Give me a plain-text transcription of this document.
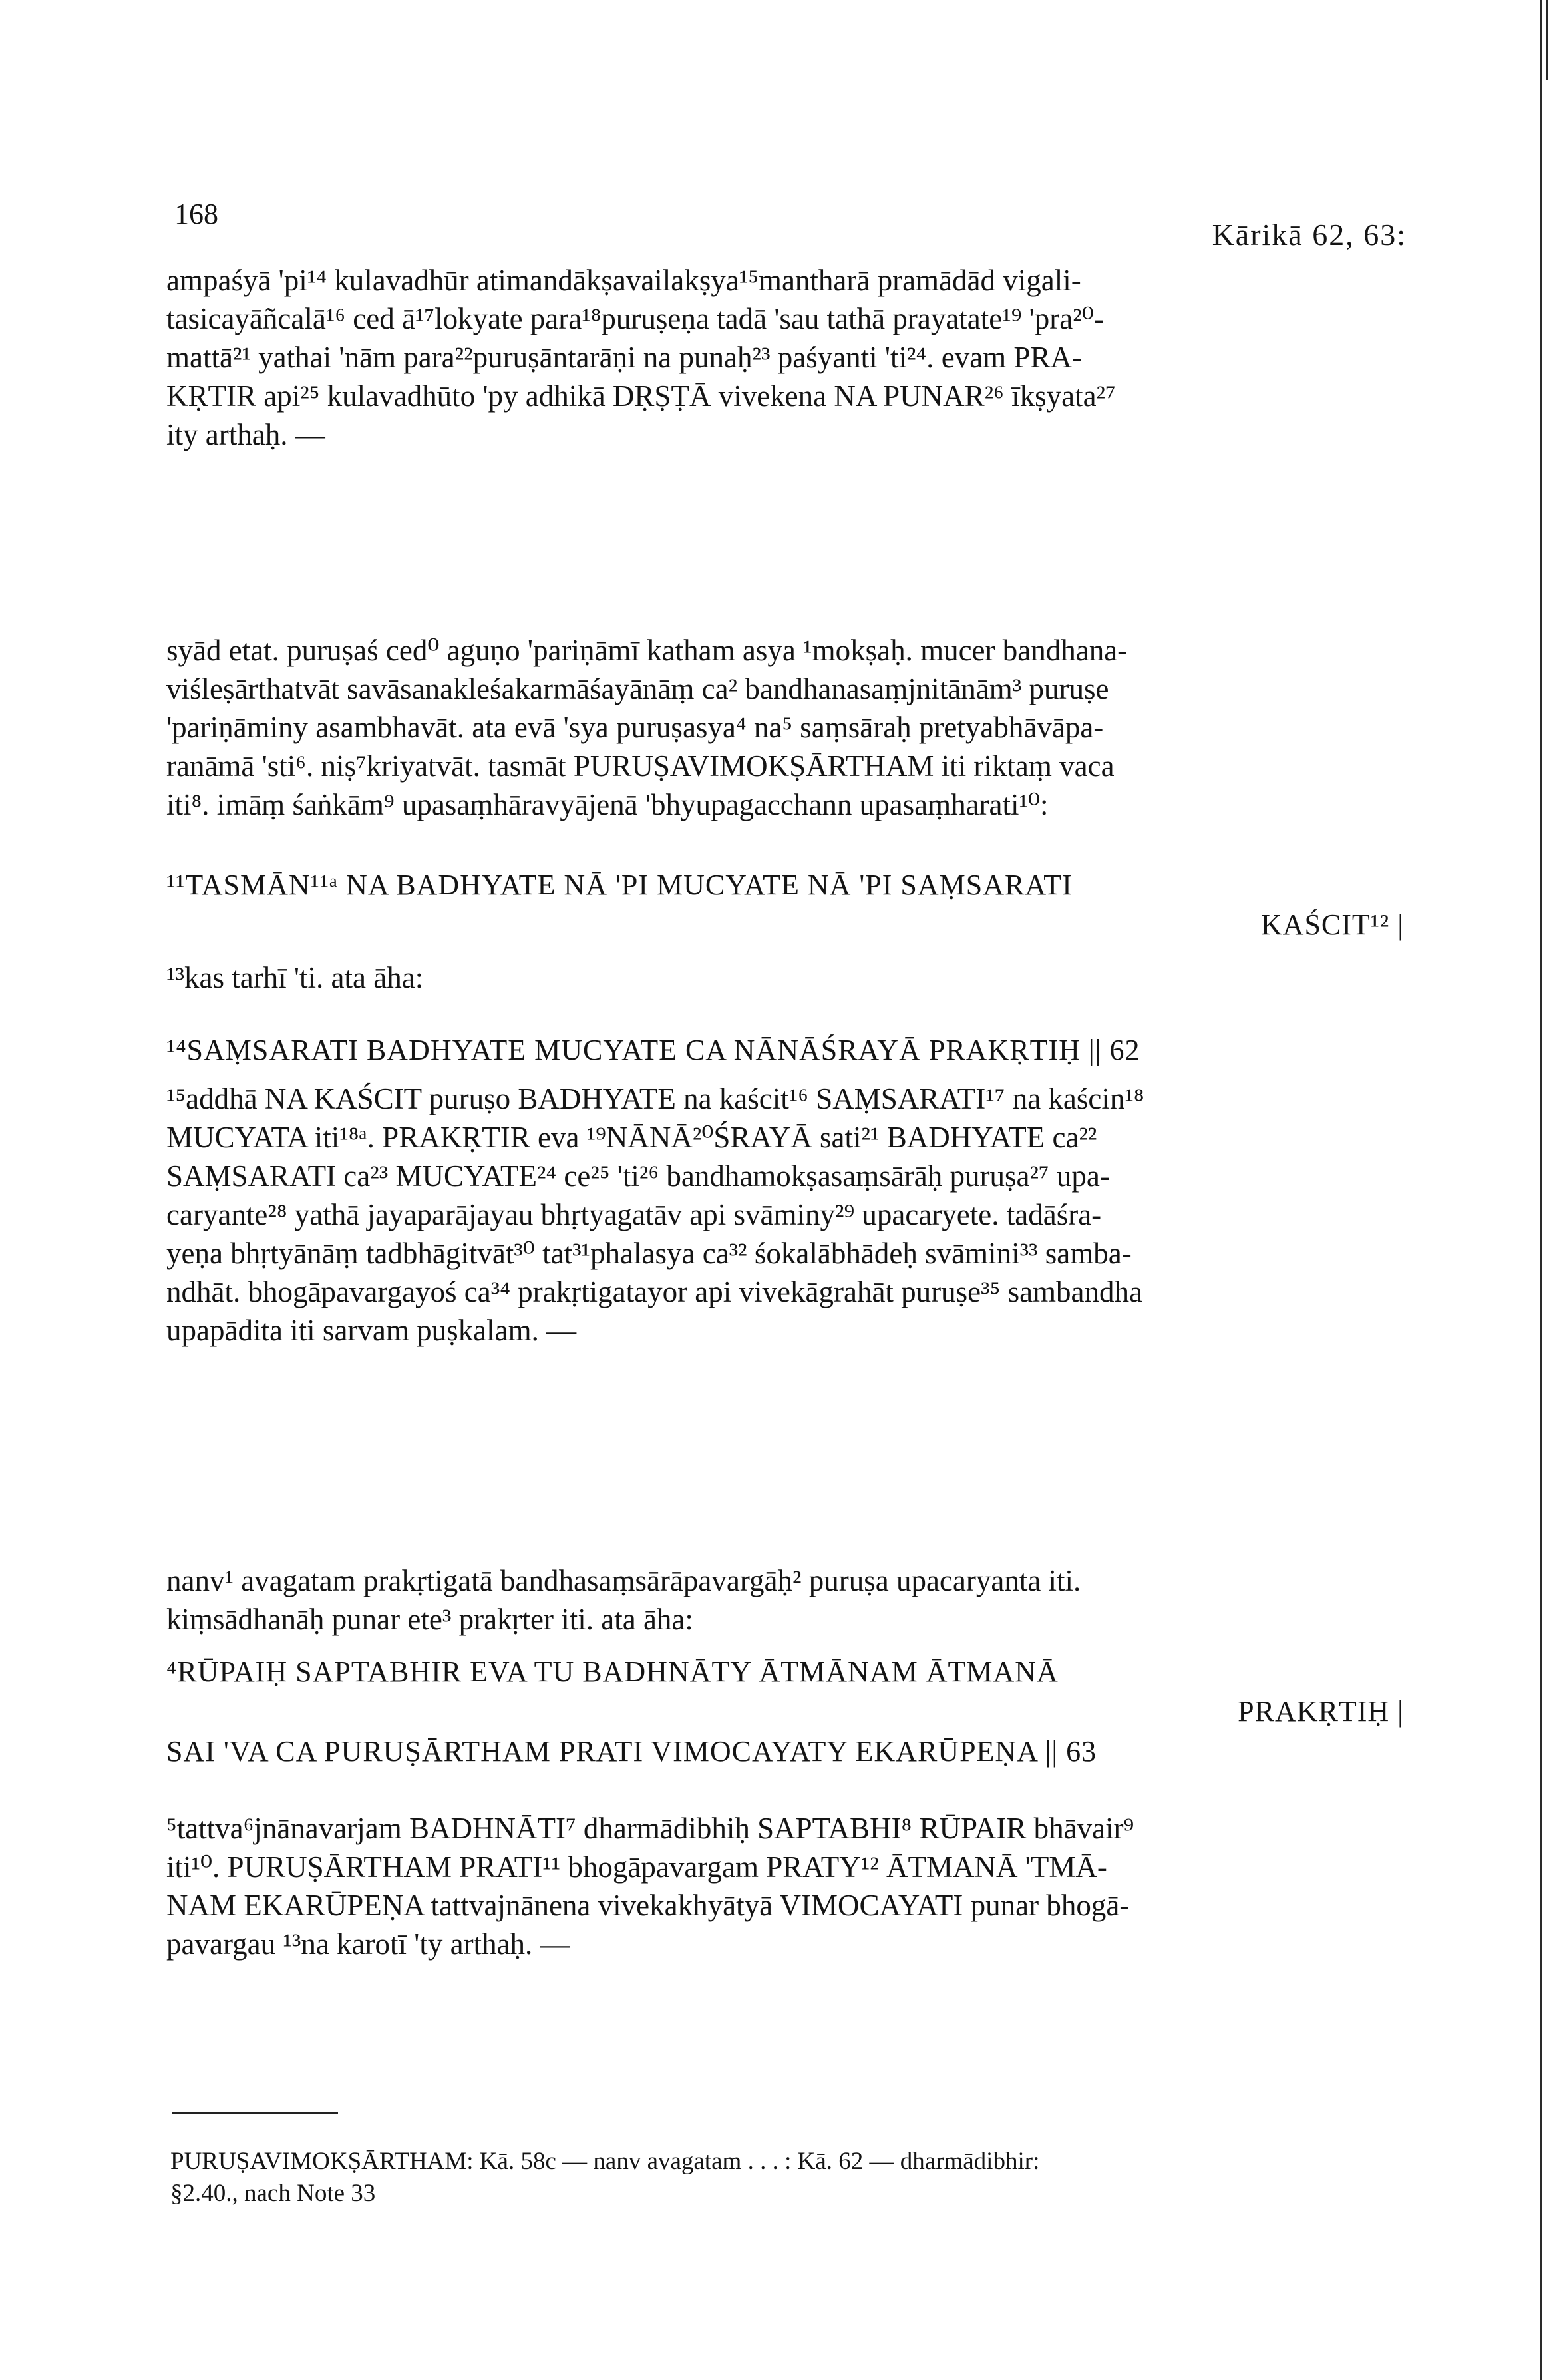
168
Kārikā 62, 63:

ampaśyā 'pi¹⁴ kulavadhūr atimandākṣavailakṣya¹⁵mantharā pramādād vigali-

tasicayāñcalā¹⁶ ced ā¹⁷lokyate para¹⁸puruṣeṇa tadā 'sau tathā prayatate¹⁹ 'pra²⁰-

mattā²¹ yathai 'nām para²²puruṣāntarāṇi na punaḥ²³ paśyanti 'ti²⁴. evam PRA-

KṚTIR api²⁵ kulavadhūto 'py adhikā DṚṢṬĀ vivekena NA PUNAR²⁶ īkṣyata²⁷

ity arthaḥ. —

syād etat. puruṣaś ced⁰ aguṇo 'pariṇāmī katham asya ¹mokṣaḥ. mucer bandhana-

viśleṣārthatvāt savāsanakleśakarmāśayānāṃ ca² bandhanasaṃjnitānām³ puruṣe

'pariṇāminy asambhavāt. ata evā 'sya puruṣasya⁴ na⁵ saṃsāraḥ pretyabhāvāpa-

ranāmā 'sti⁶. niṣ⁷kriyatvāt. tasmāt PURUṢAVIMOKṢĀRTHAM iti riktaṃ vaca

iti⁸. imāṃ śaṅkām⁹ upasaṃhāravyājenā 'bhyupagacchann upasaṃharati¹⁰:

¹¹TASMĀN¹¹ᵃ NA BADHYATE NĀ 'PI MUCYATE NĀ 'PI SAṂSARATI

KAŚCIT¹² |

¹³kas tarhī 'ti. ata āha:

¹⁴SAṂSARATI BADHYATE MUCYATE CA NĀNĀŚRAYĀ PRAKṚTIḤ || 62

¹⁵addhā NA KAŚCIT puruṣo BADHYATE na kaścit¹⁶ SAṂSARATI¹⁷ na kaścin¹⁸

MUCYATA iti¹⁸ᵃ. PRAKṚTIR eva ¹⁹NĀNĀ²⁰ŚRAYĀ sati²¹ BADHYATE ca²²

SAṂSARATI ca²³ MUCYATE²⁴ ce²⁵ 'ti²⁶ bandhamokṣasaṃsārāḥ puruṣa²⁷ upa-

caryante²⁸ yathā jayaparājayau bhṛtyagatāv api svāminy²⁹ upacaryete. tadāśra-

yeṇa bhṛtyānāṃ tadbhāgitvāt³⁰ tat³¹phalasya ca³² śokalābhādeḥ svāmini³³ samba-

ndhāt. bhogāpavargayoś ca³⁴ prakṛtigatayor api vivekāgrahāt puruṣe³⁵ sambandha

upapādita iti sarvam puṣkalam. —

nanv¹ avagatam prakṛtigatā bandhasaṃsārāpavargāḥ² puruṣa upacaryanta iti.

kiṃsādhanāḥ punar ete³ prakṛter iti. ata āha:

⁴RŪPAIḤ SAPTABHIR EVA TU BADHNĀTY ĀTMĀNAM ĀTMANĀ

PRAKṚTIḤ |

SAI 'VA CA PURUṢĀRTHAM PRATI VIMOCAYATY EKARŪPEṆA || 63

⁵tattva⁶jnānavarjam BADHNĀTI⁷ dharmādibhiḥ SAPTABHI⁸ RŪPAIR bhāvair⁹

iti¹⁰. PURUṢĀRTHAM PRATI¹¹ bhogāpavargam PRATY¹² ĀTMANĀ 'TMĀ-

NAM EKARŪPEṆA tattvajnānena vivekakhyātyā VIMOCAYATI punar bhogā-

pavargau ¹³na karotī 'ty arthaḥ. —

PURUṢAVIMOKṢĀRTHAM: Kā. 58c — nanv avagatam . . . : Kā. 62 — dharmādibhir:

§2.40., nach Note 33
